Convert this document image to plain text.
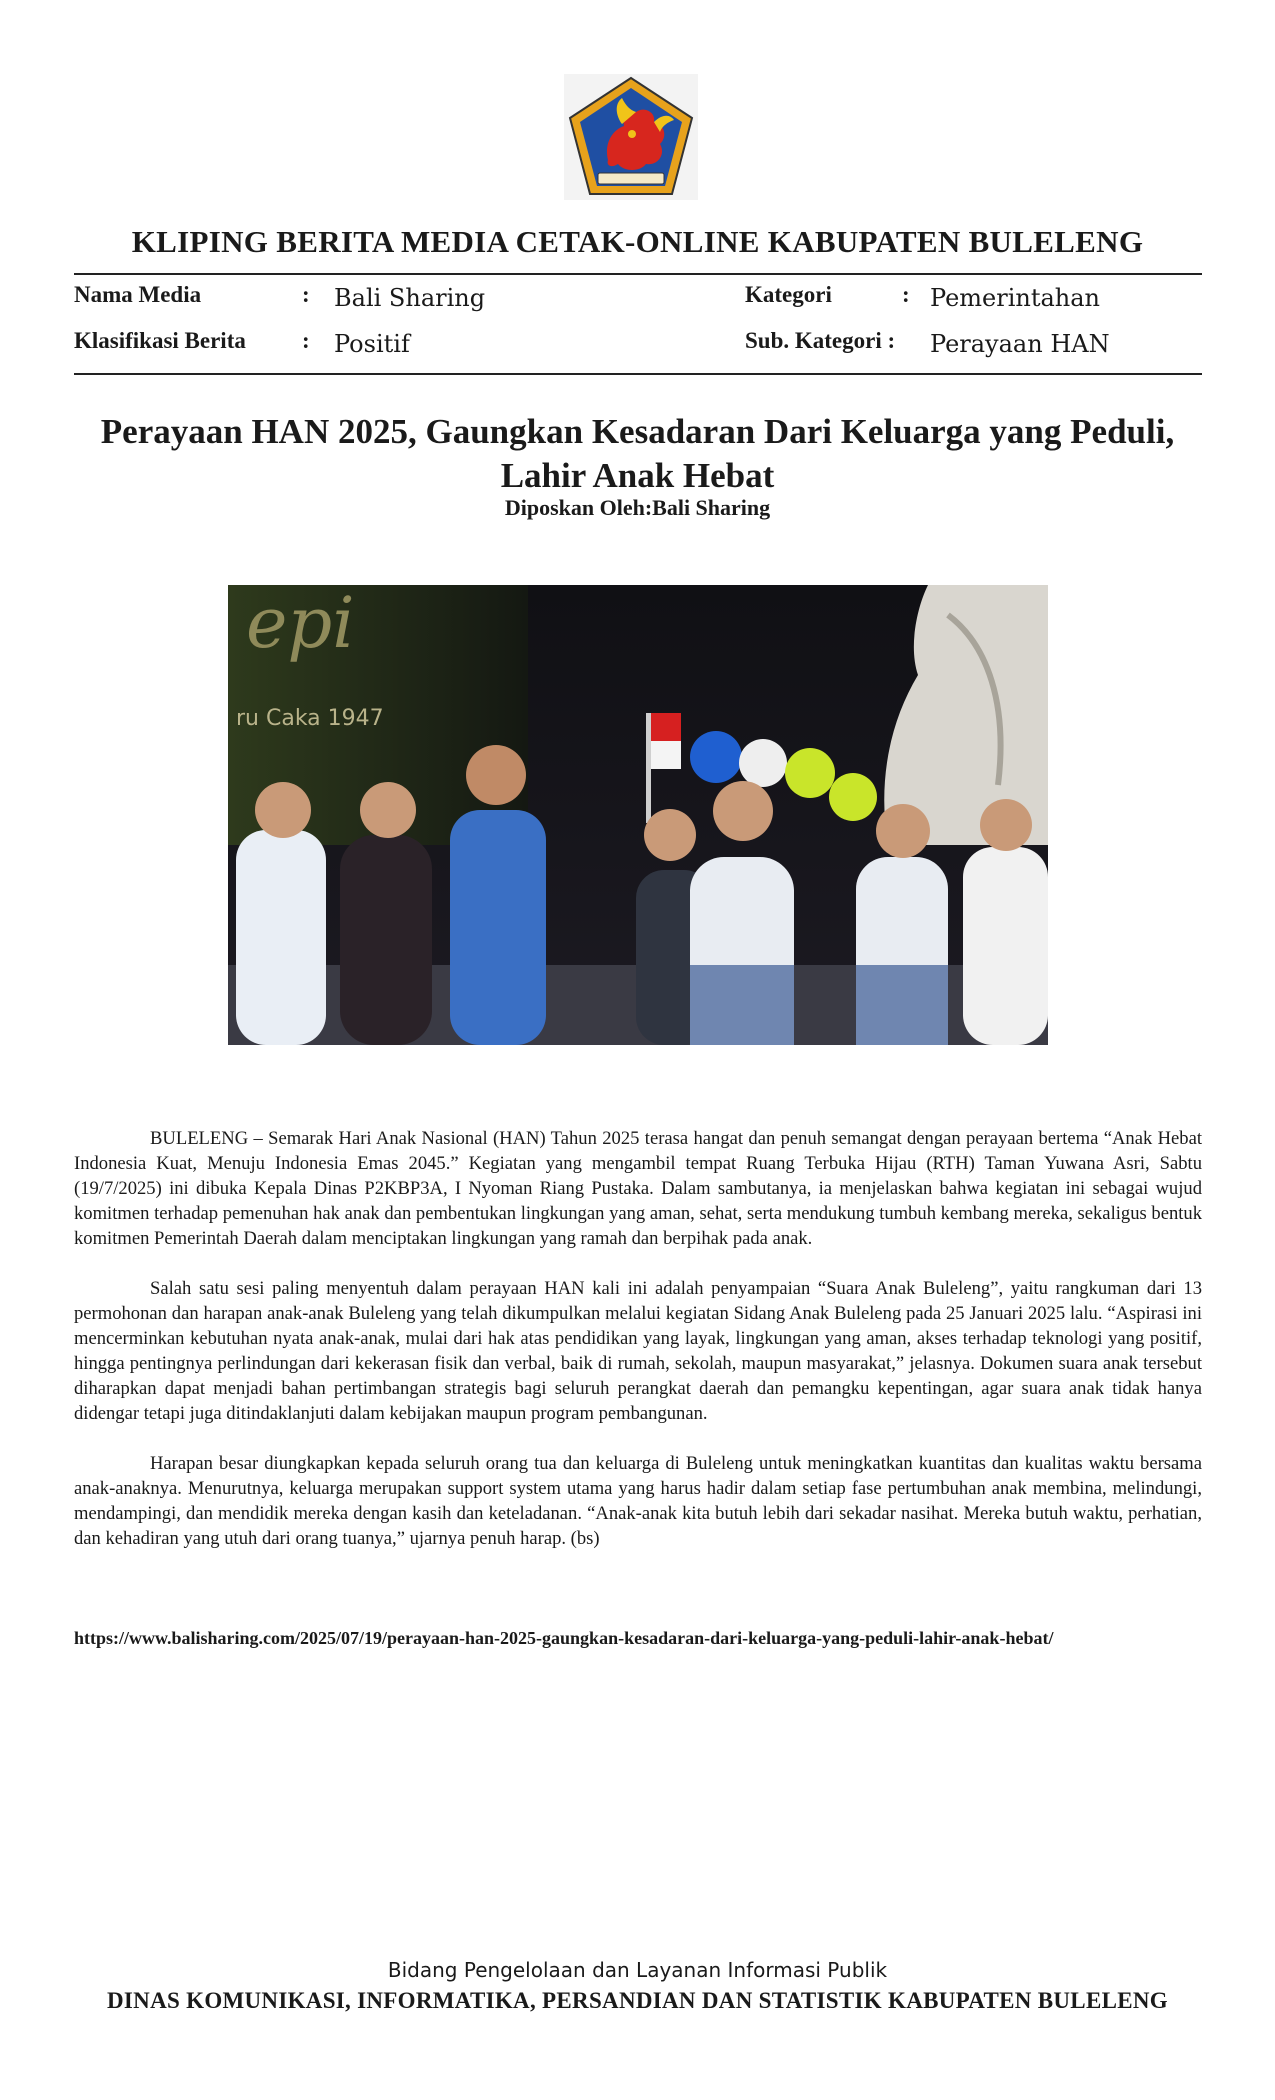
KLIPING BERITA MEDIA CETAK-ONLINE KABUPATEN BULELENG
Nama Media	: Bali Sharing	Kategori	: Pemerintahan
Klasifikasi Berita : Positif	Sub. Kategori : Perayaan HAN
Perayaan HAN 2025, Gaungkan Kesadaran Dari Keluarga yang Peduli, Lahir Anak Hebat
Diposkan Oleh:Bali Sharing
epi
ru Caka 1947

BULELENG – Semarak Hari Anak Nasional (HAN) Tahun 2025 terasa hangat dan penuh semangat dengan perayaan bertema “Anak Hebat Indonesia Kuat, Menuju Indonesia Emas 2045.” Kegiatan yang mengambil tempat Ruang Terbuka Hijau (RTH) Taman Yuwana Asri, Sabtu (19/7/2025) ini dibuka Kepala Dinas P2KBP3A, I Nyoman Riang Pustaka. Dalam sambutanya, ia menjelaskan bahwa kegiatan ini sebagai wujud komitmen terhadap pemenuhan hak anak dan pembentukan lingkungan yang aman, sehat, serta mendukung tumbuh kembang mereka, sekaligus bentuk komitmen Pemerintah Daerah dalam menciptakan lingkungan yang ramah dan berpihak pada anak.

Salah satu sesi paling menyentuh dalam perayaan HAN kali ini adalah penyampaian “Suara Anak Buleleng”, yaitu rangkuman dari 13 permohonan dan harapan anak-anak Buleleng yang telah dikumpulkan melalui kegiatan Sidang Anak Buleleng pada 25 Januari 2025 lalu. “Aspirasi ini mencerminkan kebutuhan nyata anak-anak, mulai dari hak atas pendidikan yang layak, lingkungan yang aman, akses terhadap teknologi yang positif, hingga pentingnya perlindungan dari kekerasan fisik dan verbal, baik di rumah, sekolah, maupun masyarakat,” jelasnya. Dokumen suara anak tersebut diharapkan dapat menjadi bahan pertimbangan strategis bagi seluruh perangkat daerah dan pemangku kepentingan, agar suara anak tidak hanya didengar tetapi juga ditindaklanjuti dalam kebijakan maupun program pembangunan.

Harapan besar diungkapkan kepada seluruh orang tua dan keluarga di Buleleng untuk meningkatkan kuantitas dan kualitas waktu bersama anak-anaknya. Menurutnya, keluarga merupakan support system utama yang harus hadir dalam setiap fase pertumbuhan anak membina, melindungi, mendampingi, dan mendidik mereka dengan kasih dan keteladanan. “Anak-anak kita butuh lebih dari sekadar nasihat. Mereka butuh waktu, perhatian, dan kehadiran yang utuh dari orang tuanya,” ujarnya penuh harap. (bs)

https://www.balisharing.com/2025/07/19/perayaan-han-2025-gaungkan-kesadaran-dari-keluarga-yang-peduli-lahir-anak-hebat/
Bidang Pengelolaan dan Layanan Informasi Publik
DINAS KOMUNIKASI, INFORMATIKA, PERSANDIAN DAN STATISTIK KABUPATEN BULELENG
